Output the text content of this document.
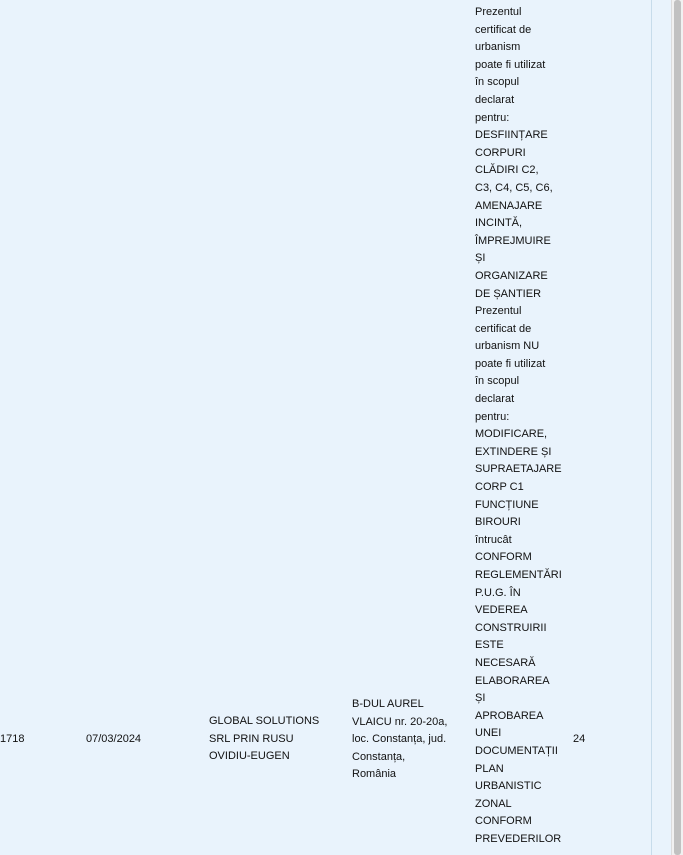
1718	07/03/2024
GLOBAL SOLUTIONS
SRL PRIN RUSU
OVIDIU-EUGEN
B-DUL AUREL
VLAICU nr. 20-20a,
loc. Constanța, jud.
Constanța,
România
Prezentul
certificat de
urbanism
poate fi utilizat
în scopul
declarat
pentru:
DESFIINȚARE
CORPURI
CLĂDIRI C2,
C3, C4, C5, C6,
AMENAJARE
INCINTĂ,
ÎMPREJMUIRE
ȘI
ORGANIZARE
DE ȘANTIER
Prezentul
certificat de
urbanism NU
poate fi utilizat
în scopul
declarat
pentru:
MODIFICARE,
EXTINDERE ȘI
SUPRAETAJARE
CORP C1
FUNCȚIUNE
BIROURI
întrucât
CONFORM
REGLEMENTĂRI
P.U.G. ÎN
VEDEREA
CONSTRUIRII
ESTE
NECESARĂ
ELABORAREA
ȘI
APROBAREA
UNEI
DOCUMENTAȚII
PLAN
URBANISTIC
ZONAL
CONFORM
PREVEDERILOR
24
